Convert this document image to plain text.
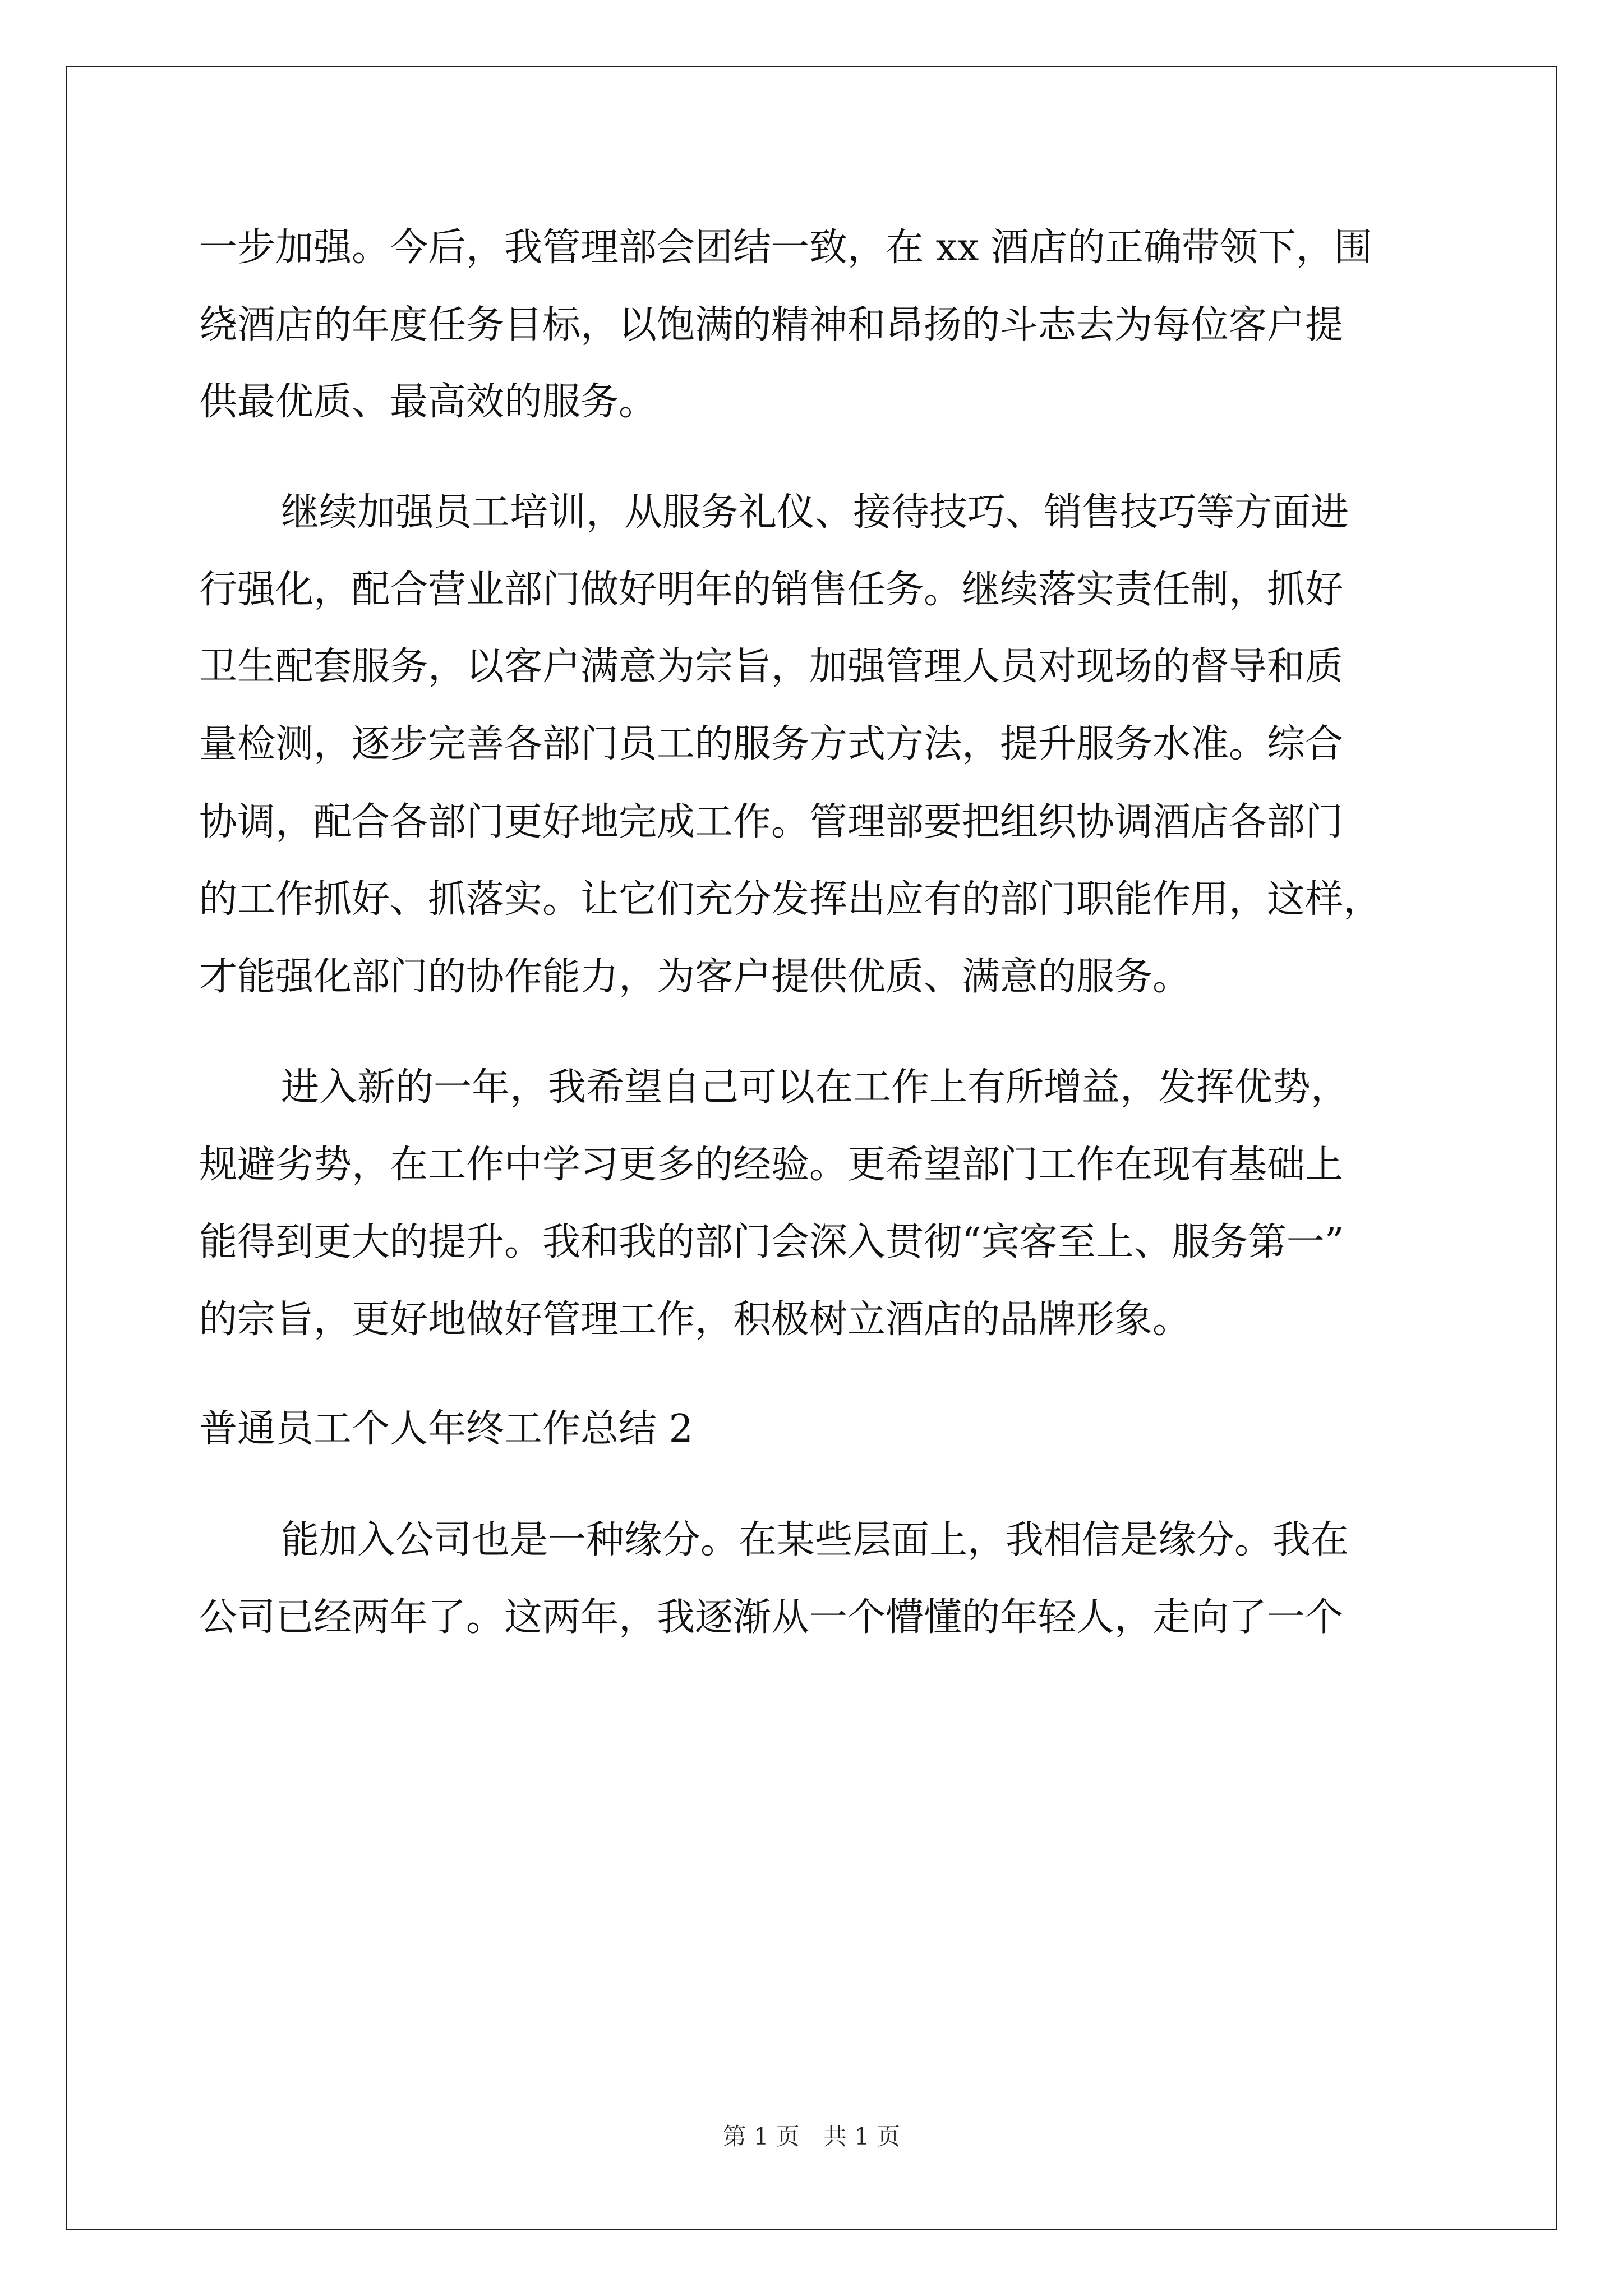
一步加强。今后，我管理部会团结一致，在 xx 酒店的正确带领下，围
绕酒店的年度任务目标，以饱满的精神和昂扬的斗志去为每位客户提
供最优质、最高效的服务。
继续加强员工培训，从服务礼仪、接待技巧、销售技巧等方面进
行强化，配合营业部门做好明年的销售任务。继续落实责任制，抓好
卫生配套服务，以客户满意为宗旨，加强管理人员对现场的督导和质
量检测，逐步完善各部门员工的服务方式方法，提升服务水准。综合
协调，配合各部门更好地完成工作。管理部要把组织协调酒店各部门
的工作抓好、抓落实。让它们充分发挥出应有的部门职能作用，这样，
才能强化部门的协作能力，为客户提供优质、满意的服务。
进入新的一年，我希望自己可以在工作上有所增益，发挥优势，
规避劣势，在工作中学习更多的经验。更希望部门工作在现有基础上
能得到更大的提升。我和我的部门会深入贯彻“宾客至上、服务第一”
的宗旨，更好地做好管理工作，积极树立酒店的品牌形象。
普通员工个人年终工作总结 2
能加入公司也是一种缘分。在某些层面上，我相信是缘分。我在
公司已经两年了。这两年，我逐渐从一个懵懂的年轻人，走向了一个
第 1 页　共 1 页
